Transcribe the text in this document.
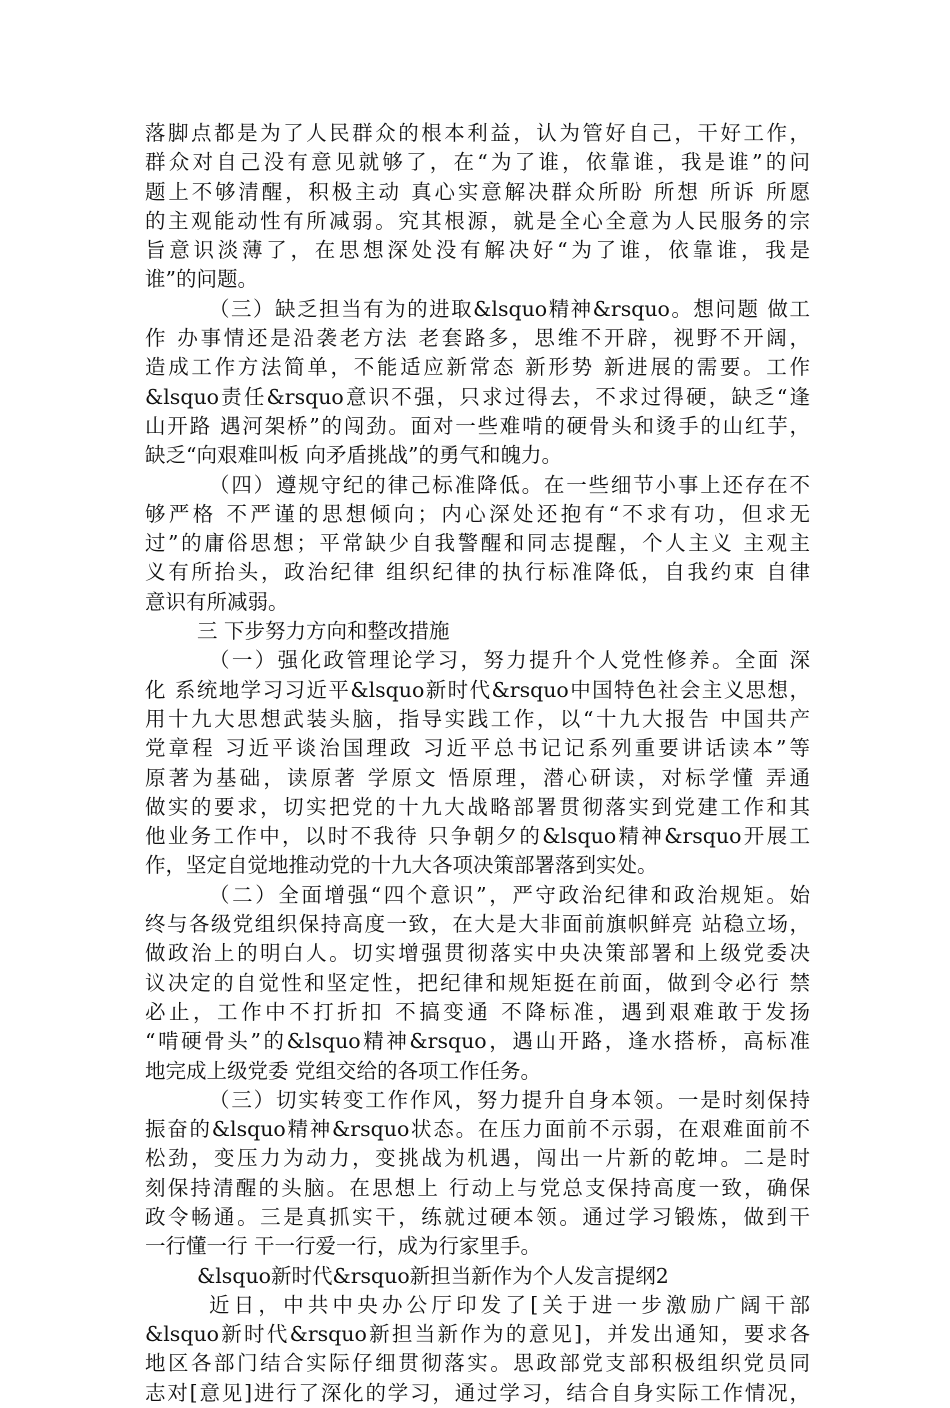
落脚点都是为了人民群众的根本利益，认为管好自己，干好工作，
群众对自己没有意见就够了，在“为了谁，依靠谁，我是谁”的问
题上不够清醒，积极主动 真心实意解决群众所盼 所想 所诉 所愿
的主观能动性有所减弱。究其根源，就是全心全意为人民服务的宗
旨意识淡薄了，在思想深处没有解决好“为了谁，依靠谁，我是
谁”的问题。
（三）缺乏担当有为的进取&lsquo精神&rsquo。想问题 做工
作 办事情还是沿袭老方法 老套路多，思维不开辟，视野不开阔，
造成工作方法简单，不能适应新常态 新形势 新进展的需要。工作
&lsquo责任&rsquo意识不强，只求过得去，不求过得硬，缺乏“逢
山开路 遇河架桥”的闯劲。面对一些难啃的硬骨头和烫手的山红芋，
缺乏“向艰难叫板 向矛盾挑战”的勇气和魄力。
（四）遵规守纪的律己标准降低。在一些细节小事上还存在不
够严格 不严谨的思想倾向；内心深处还抱有“不求有功，但求无
过”的庸俗思想；平常缺少自我警醒和同志提醒，个人主义 主观主
义有所抬头，政治纪律 组织纪律的执行标准降低，自我约束 自律
意识有所减弱。
三 下步努力方向和整改措施
（一）强化政管理论学习，努力提升个人党性修养。全面 深
化 系统地学习习近平&lsquo新时代&rsquo中国特色社会主义思想，
用十九大思想武装头脑，指导实践工作，以“十九大报告 中国共产
党章程 习近平谈治国理政 习近平总书记记系列重要讲话读本”等
原著为基础，读原著 学原文 悟原理，潜心研读，对标学懂 弄通
做实的要求，切实把党的十九大战略部署贯彻落实到党建工作和其
他业务工作中，以时不我待 只争朝夕的&lsquo精神&rsquo开展工
作，坚定自觉地推动党的十九大各项决策部署落到实处。
（二）全面增强“四个意识”，严守政治纪律和政治规矩。始
终与各级党组织保持高度一致，在大是大非面前旗帜鲜亮 站稳立场，
做政治上的明白人。切实增强贯彻落实中央决策部署和上级党委决
议决定的自觉性和坚定性，把纪律和规矩挺在前面，做到令必行 禁
必止，工作中不打折扣 不搞变通 不降标准，遇到艰难敢于发扬
“啃硬骨头”的&lsquo精神&rsquo，遇山开路，逢水搭桥，高标准
地完成上级党委 党组交给的各项工作任务。
（三）切实转变工作作风，努力提升自身本领。一是时刻保持
振奋的&lsquo精神&rsquo状态。在压力面前不示弱，在艰难面前不
松劲，变压力为动力，变挑战为机遇，闯出一片新的乾坤。二是时
刻保持清醒的头脑。在思想上 行动上与党总支保持高度一致，确保
政令畅通。三是真抓实干，练就过硬本领。通过学习锻炼，做到干
一行懂一行 干一行爱一行，成为行家里手。
&lsquo新时代&rsquo新担当新作为个人发言提纲2
近日，中共中央办公厅印发了[关于进一步激励广阔干部
&lsquo新时代&rsquo新担当新作为的意见]，并发出通知，要求各
地区各部门结合实际仔细贯彻落实。思政部党支部积极组织党员同
志对[意见]进行了深化的学习，通过学习，结合自身实际工作情况，
